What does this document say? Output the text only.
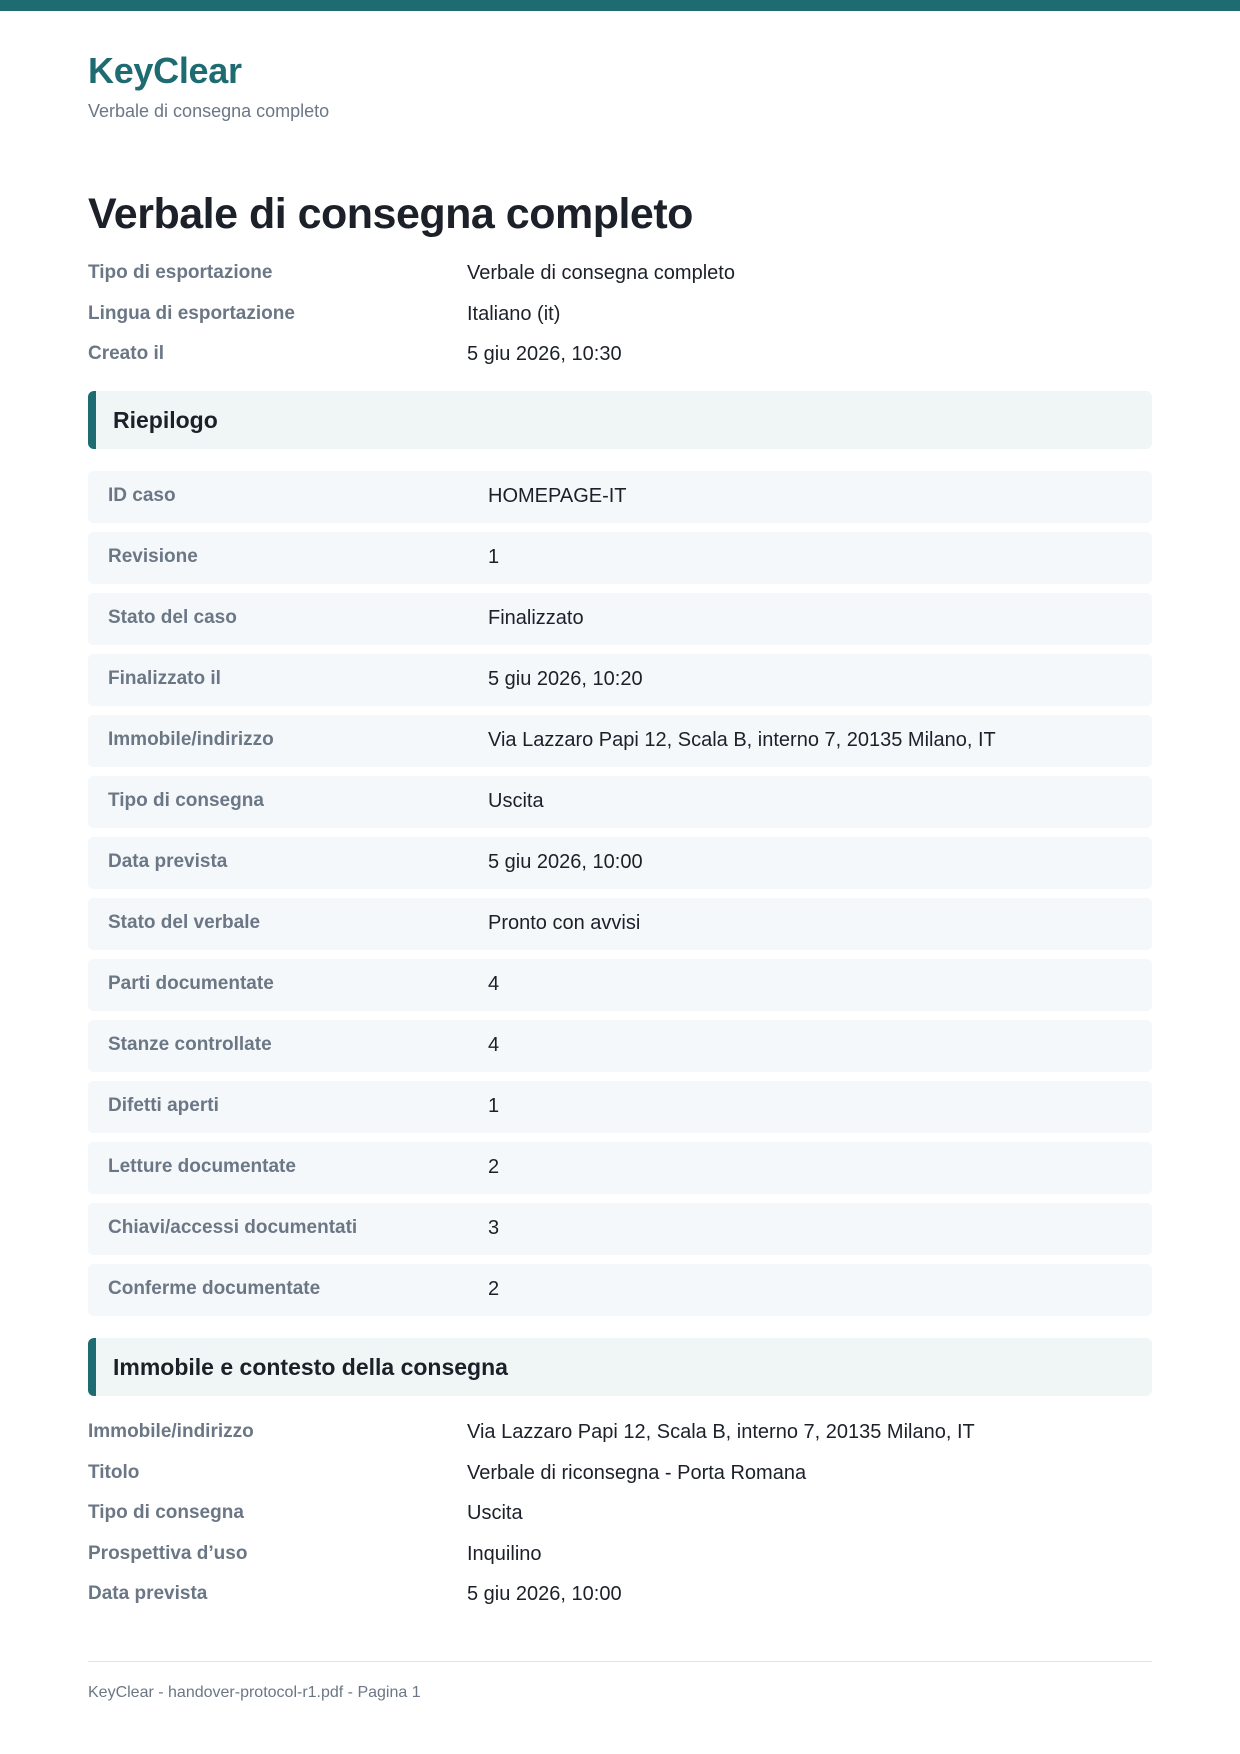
KeyClear
Verbale di consegna completo
Verbale di consegna completo
Tipo di esportazione	Verbale di consegna completo
Lingua di esportazione	Italiano (it)
Creato il	5 giu 2026, 10:30
Riepilogo
ID caso	HOMEPAGE-IT
Revisione	1
Stato del caso	Finalizzato
Finalizzato il	5 giu 2026, 10:20
Immobile/indirizzo	Via Lazzaro Papi 12, Scala B, interno 7, 20135 Milano, IT
Tipo di consegna	Uscita
Data prevista	5 giu 2026, 10:00
Stato del verbale	Pronto con avvisi
Parti documentate	4
Stanze controllate	4
Difetti aperti	1
Letture documentate	2
Chiavi/accessi documentati	3
Conferme documentate	2
Immobile e contesto della consegna
Immobile/indirizzo	Via Lazzaro Papi 12, Scala B, interno 7, 20135 Milano, IT
Titolo	Verbale di riconsegna - Porta Romana
Tipo di consegna	Uscita
Prospettiva d’uso	Inquilino
Data prevista	5 giu 2026, 10:00
KeyClear - handover-protocol-r1.pdf - Pagina 1
